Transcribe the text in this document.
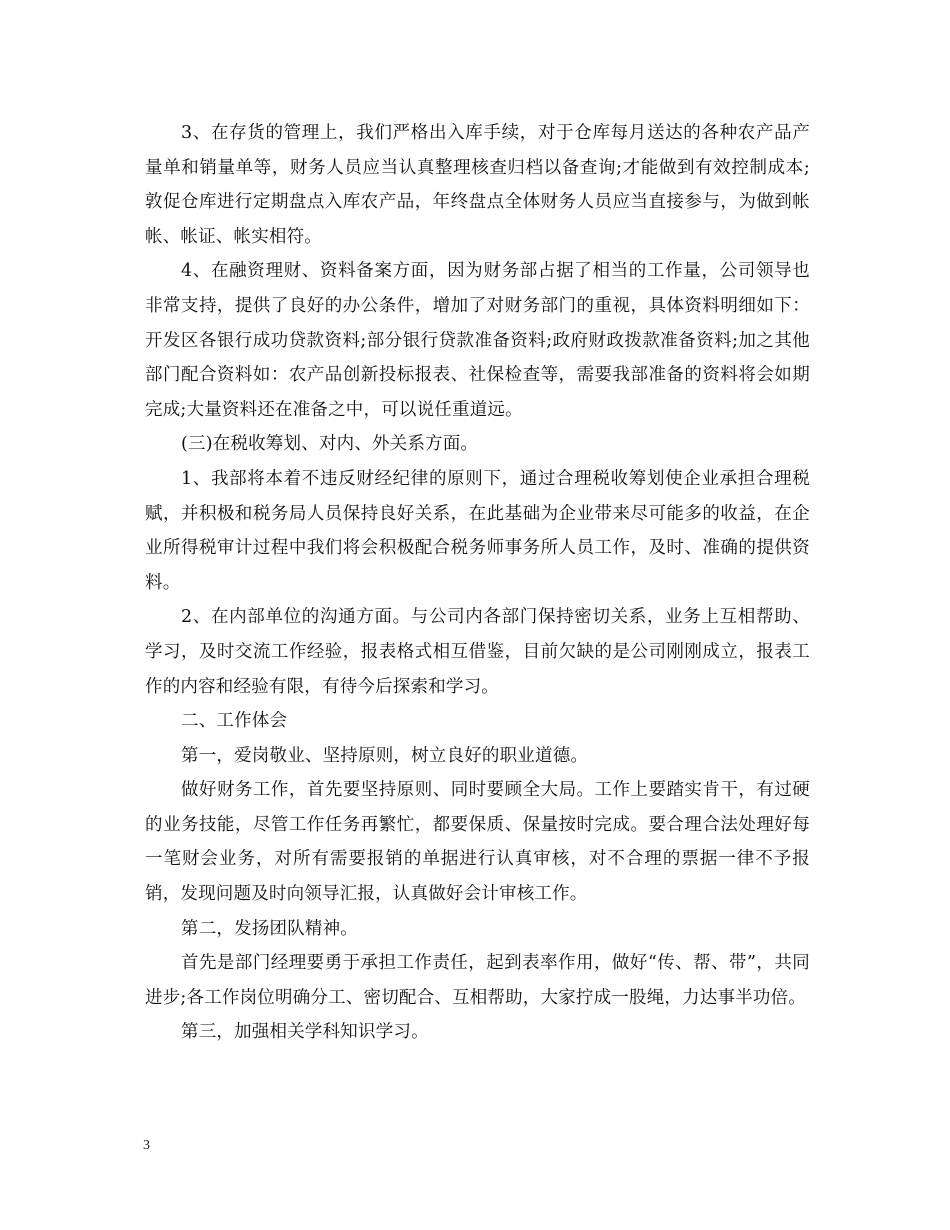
3、在存货的管理上，我们严格出入库手续，对于仓库每月送达的各种农产品产量单和销量单等，财务人员应当认真整理核查归档以备查询;才能做到有效控制成本;敦促仓库进行定期盘点入库农产品，年终盘点全体财务人员应当直接参与，为做到帐帐、帐证、帐实相符。

4、在融资理财、资料备案方面，因为财务部占据了相当的工作量，公司领导也非常支持，提供了良好的办公条件，增加了对财务部门的重视，具体资料明细如下：开发区各银行成功贷款资料;部分银行贷款准备资料;政府财政拨款准备资料;加之其他部门配合资料如：农产品创新投标报表、社保检查等，需要我部准备的资料将会如期完成;大量资料还在准备之中，可以说任重道远。

(三)在税收筹划、对内、外关系方面。

1、我部将本着不违反财经纪律的原则下，通过合理税收筹划使企业承担合理税赋，并积极和税务局人员保持良好关系，在此基础为企业带来尽可能多的收益，在企业所得税审计过程中我们将会积极配合税务师事务所人员工作，及时、准确的提供资料。

2、在内部单位的沟通方面。与公司内各部门保持密切关系，业务上互相帮助、学习，及时交流工作经验，报表格式相互借鉴，目前欠缺的是公司刚刚成立，报表工作的内容和经验有限，有待今后探索和学习。

二、工作体会

第一，爱岗敬业、坚持原则，树立良好的职业道德。

做好财务工作，首先要坚持原则、同时要顾全大局。工作上要踏实肯干，有过硬的业务技能，尽管工作任务再繁忙，都要保质、保量按时完成。要合理合法处理好每一笔财会业务，对所有需要报销的单据进行认真审核，对不合理的票据一律不予报销，发现问题及时向领导汇报，认真做好会计审核工作。

第二，发扬团队精神。

首先是部门经理要勇于承担工作责任，起到表率作用，做好“传、帮、带”，共同进步;各工作岗位明确分工、密切配合、互相帮助，大家拧成一股绳，力达事半功倍。

第三，加强相关学科知识学习。

3
